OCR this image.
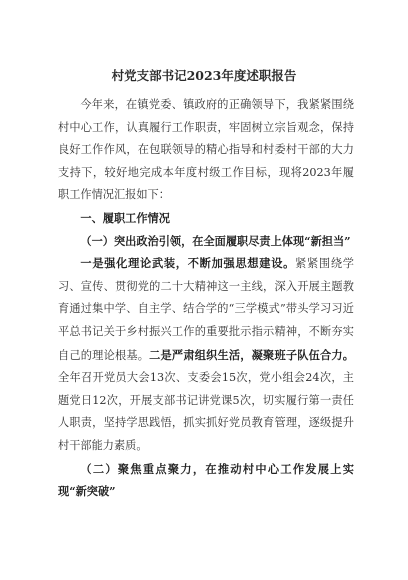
村党支部书记2023年度述职报告

今年来，在镇党委、镇政府的正确领导下，我紧紧围绕村中心工作，认真履行工作职责，牢固树立宗旨观念，保持良好工作作风，在包联领导的精心指导和村委村干部的大力支持下，较好地完成本年度村级工作目标，现将2023年履职工作情况汇报如下：

一、履职工作情况

（一）突出政治引领，在全面履职尽责上体现“新担当”

一是强化理论武装，不断加强思想建设。紧紧围绕学习、宣传、贯彻党的二十大精神这一主线，深入开展主题教育通过集中学、自主学、结合学的“三学模式”带头学习习近平总书记关于乡村振兴工作的重要批示指示精神，不断夯实自己的理论根基。二是严肃组织生活，凝聚班子队伍合力。全年召开党员大会13次、支委会15次，党小组会24次，主题党日12次，开展支部书记讲党课5次，切实履行第一责任人职责，坚持学思践悟，抓实抓好党员教育管理，逐级提升村干部能力素质。

（二）聚焦重点聚力，在推动村中心工作发展上实现“新突破”
